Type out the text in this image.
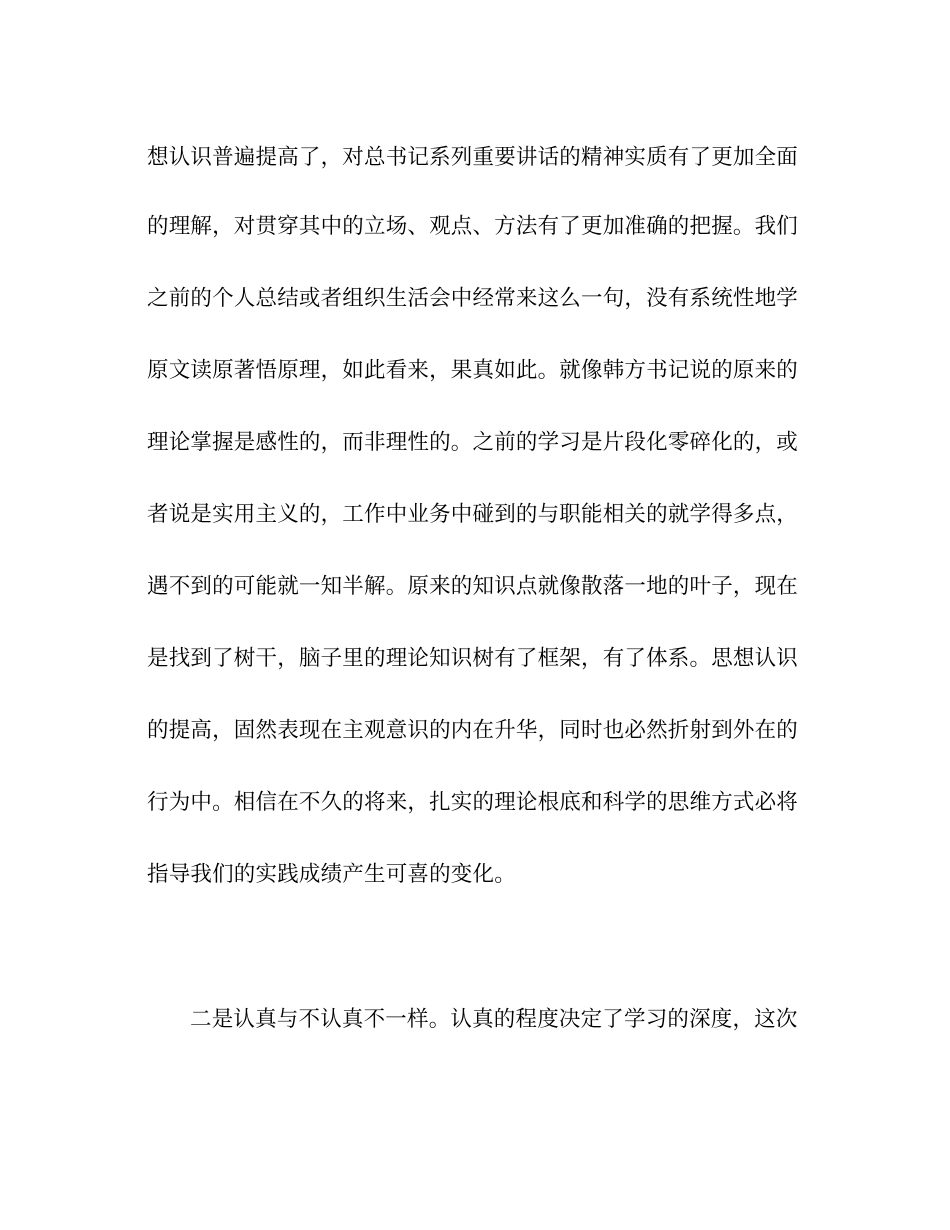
想认识普遍提高了，对总书记系列重要讲话的精神实质有了更加全面
的理解，对贯穿其中的立场、观点、方法有了更加准确的把握。我们
之前的个人总结或者组织生活会中经常来这么一句，没有系统性地学
原文读原著悟原理，如此看来，果真如此。就像韩方书记说的原来的
理论掌握是感性的，而非理性的。之前的学习是片段化零碎化的，或
者说是实用主义的，工作中业务中碰到的与职能相关的就学得多点，
遇不到的可能就一知半解。原来的知识点就像散落一地的叶子，现在
是找到了树干，脑子里的理论知识树有了框架，有了体系。思想认识
的提高，固然表现在主观意识的内在升华，同时也必然折射到外在的
行为中。相信在不久的将来，扎实的理论根底和科学的思维方式必将
指导我们的实践成绩产生可喜的变化。
二是认真与不认真不一样。认真的程度决定了学习的深度，这次
